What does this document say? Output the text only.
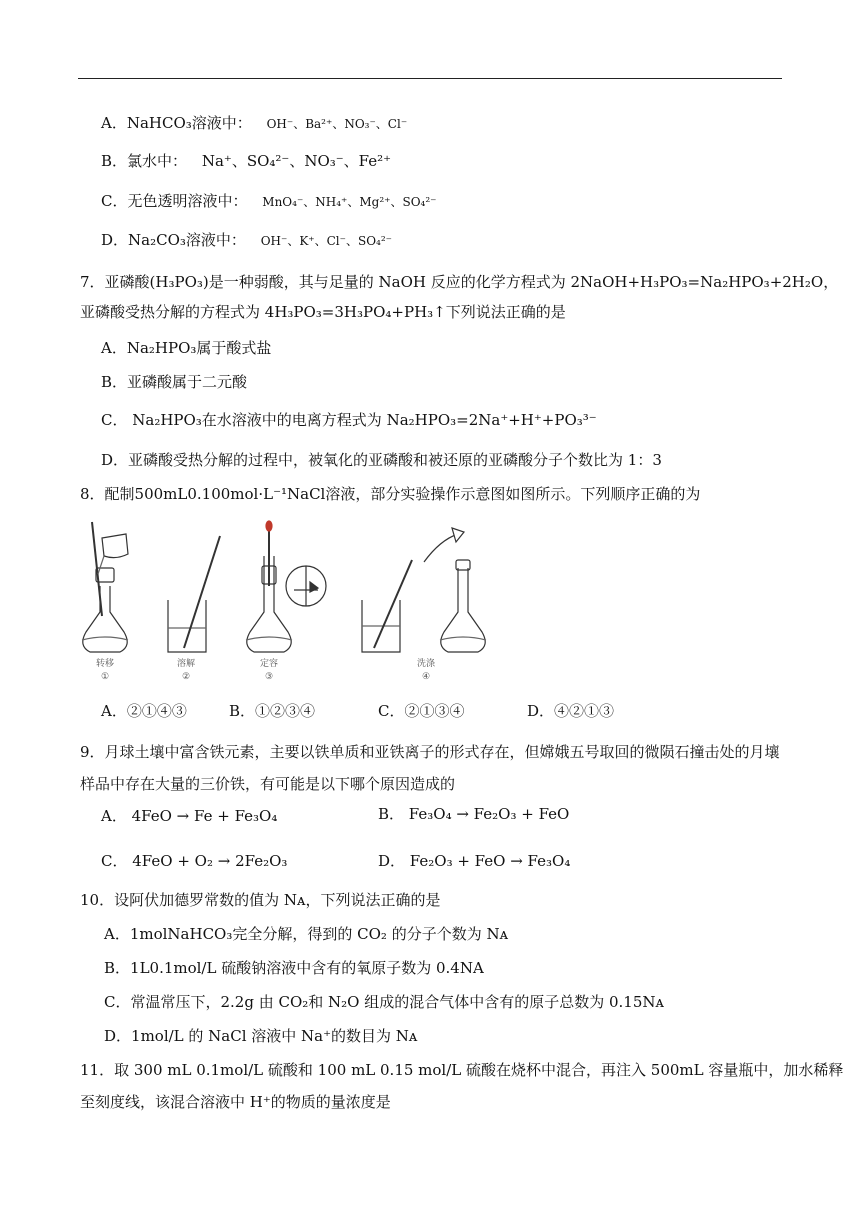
A．NaHCO₃溶液中： OH⁻、Ba²⁺、NO₃⁻、Cl⁻
B．氯水中： Na⁺、SO₄²⁻、NO₃⁻、Fe²⁺
C．无色透明溶液中： MnO₄⁻、NH₄⁺、Mg²⁺、SO₄²⁻
D．Na₂CO₃溶液中： OH⁻、K⁺、Cl⁻、SO₄²⁻
7．亚磷酸(H₃PO₃)是一种弱酸，其与足量的 NaOH 反应的化学方程式为 2NaOH+H₃PO₃=Na₂HPO₃+2H₂O，
亚磷酸受热分解的方程式为 4H₃PO₃=3H₃PO₄+PH₃↑下列说法正确的是
A．Na₂HPO₃属于酸式盐
B．亚磷酸属于二元酸
C． Na₂HPO₃在水溶液中的电离方程式为 Na₂HPO₃=2Na⁺+H⁺+PO₃³⁻
D．亚磷酸受热分解的过程中，被氧化的亚磷酸和被还原的亚磷酸分子个数比为 1：3
8．配制500mL0.100mol·L⁻¹NaCl溶液，部分实验操作示意图如图所示。下列顺序正确的为
转移
①
溶解
②
定容
③
洗涤
④
A．②①④③	B．①②③④	C．②①③④	D．④②①③
9．月球土壤中富含铁元素，主要以铁单质和亚铁离子的形式存在，但嫦娥五号取回的微陨石撞击处的月壤
样品中存在大量的三价铁，有可能是以下哪个原因造成的
A． 4FeO → Fe + Fe₃O₄	B． Fe₃O₄ → Fe₂O₃ + FeO
C． 4FeO + O₂ → 2Fe₂O₃	D． Fe₂O₃ + FeO → Fe₃O₄
10．设阿伏加德罗常数的值为 Nᴀ，下列说法正确的是
A．1molNaHCO₃完全分解，得到的 CO₂ 的分子个数为 Nᴀ
B．1L0.1mol/L 硫酸钠溶液中含有的氧原子数为 0.4NA
C．常温常压下，2.2g 由 CO₂和 N₂O 组成的混合气体中含有的原子总数为 0.15Nᴀ
D．1mol/L 的 NaCl 溶液中 Na⁺的数目为 Nᴀ
11．取 300 mL 0.1mol/L 硫酸和 100 mL 0.15 mol/L 硫酸在烧杯中混合，再注入 500mL 容量瓶中，加水稀释
至刻度线，该混合溶液中 H⁺的物质的量浓度是
